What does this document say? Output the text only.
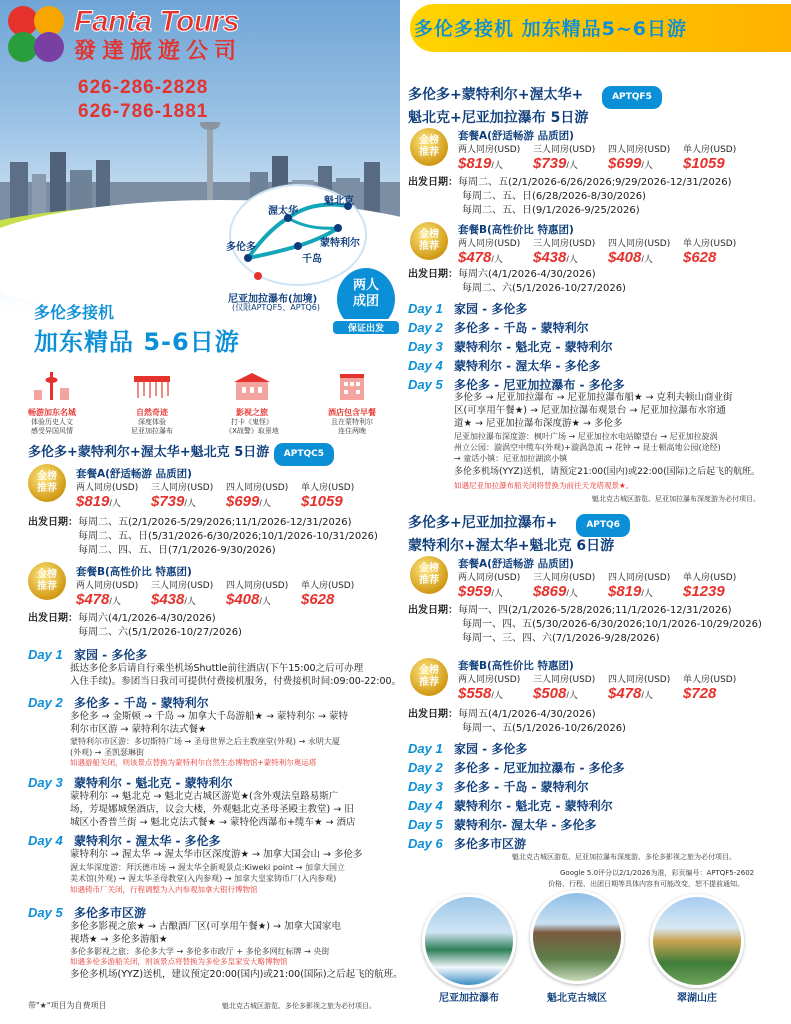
Fanta Tours
發達旅遊公司
626-286-2828
626-786-1881
渥太华
魁北克
多伦多	蒙特利尔
千岛
尼亚加拉瀑布(加境)
(仅限APTQF5、APTQ6)
两人
成团
保证出发
多伦多接机 加东精品5~6日游
多伦多接机
加东精品 5-6日游
畅游加东名城
体验历史人文
感受异国风情
自然奇迹
深度体验
尼亚加拉瀑布
影视之旅
打卡《鬼怪》
《X战警》取景地
酒店包含早餐
且在蒙特利尔
连住两晚
多伦多+蒙特利尔+渥太华+魁北克 5日游 APTQC5
金榜
推荐
套餐A(舒适畅游 品质团)
两人同房(USD)
$819/人
三人同房(USD)
$739/人
四人同房(USD)
$699/人
单人房(USD)
$1059
出发日期：每周二、五(2/1/2026-5/29/2026;11/1/2026-12/31/2026)
每周二、五、日(5/31/2026-6/30/2026;10/1/2026-10/31/2026)
每周二、四、五、日(7/1/2026-9/30/2026)
金榜
推荐
套餐B(高性价比 特惠团)
两人同房(USD)
$478/人
三人同房(USD)
$438/人
四人同房(USD)
$408/人
单人房(USD)
$628
出发日期：每周六(4/1/2026-4/30/2026)
每周二、六(5/1/2026-10/27/2026)
Day 1 家园 - 多伦多
抵达多伦多后请自行乘坐机场Shuttle前往酒店(下午15:00之后可办理
入住手续)。参团当日我司可提供付费接机服务，付费接机时间:09:00-22:00。
Day 2 多伦多 - 千岛 - 蒙特利尔
多伦多 → 金斯顿 → 千岛 → 加拿大千岛游船★ → 蒙特利尔 → 蒙特
利尔市区游 → 蒙特利尔法式餐★
蒙特利尔市区游：多切斯特广场 → 圣母世界之后主教座堂(外观) → 永明大厦
(外观) → 圣凯瑟琳街
如遇游船关闭，则该景点替换为蒙特利尔自然生态博物馆+蒙特利尔奥运塔
Day 3 蒙特利尔 - 魁北克 - 蒙特利尔
蒙特利尔 → 魁北克 → 魁北克古城区游览★(含外观法皇路易斯广
场，芳堤娜城堡酒店，议会大楼，外观魁北克圣母圣殿主教堂) → 旧
城区小香普兰街 → 魁北克法式餐★ → 蒙特伦西瀑布+缆车★ → 酒店
Day 4 蒙特利尔 - 渥太华 - 多伦多
蒙特利尔 → 渥太华 → 渥太华市区深度游★ → 加拿大国会山 → 多伦多
渥太华深度游：拜沃德市场 → 渥太华全新观景点:Kiweki point → 加拿大国立
美术馆(外观) → 渥太华圣母教堂(入内参观) → 加拿大皇家铸币厂(入内参观)
如遇铸币厂关闭，行程调整为入内参观加拿大银行博物馆
Day 5 多伦多市区游
多伦多影视之旅★ → 古酿酒厂区(可享用午餐★) → 加拿大国家电
视塔★ → 多伦多游船★
多伦多影视之旅：多伦多大学 → 多伦多市政厅 + 多伦多网红标牌 → 央街
如遇多伦多游船关闭，则该景点将替换为多伦多皇家安大略博物馆
多伦多机场(YYZ)送机，建议预定20:00(国内)或21:00(国际)之后起飞的航班。
带"★"项目为自费项目	魁北克古城区游览、多伦多影视之旅为必付项目。
多伦多+蒙特利尔+渥太华+	APTQF5
魁北克+尼亚加拉瀑布 5日游
金榜
推荐
套餐A(舒适畅游 品质团)
两人同房(USD)
$819/人
三人同房(USD)
$739/人
四人同房(USD)
$699/人
单人房(USD)
$1059
出发日期：每周二、五(2/1/2026-6/26/2026;9/29/2026-12/31/2026)
每周二、五、日(6/28/2026-8/30/2026)
每周二、五、日(9/1/2026-9/25/2026)
金榜
推荐
套餐B(高性价比 特惠团)
两人同房(USD)
$478/人
三人同房(USD)
$438/人
四人同房(USD)
$408/人
单人房(USD)
$628
出发日期：每周六(4/1/2026-4/30/2026)
每周二、六(5/1/2026-10/27/2026)
Day 1 家园 - 多伦多
Day 2 多伦多 - 千岛 - 蒙特利尔
Day 3 蒙特利尔 - 魁北克 - 蒙特利尔
Day 4 蒙特利尔 - 渥太华 - 多伦多
Day 5 多伦多 - 尼亚加拉瀑布 - 多伦多
多伦多 → 尼亚加拉瀑布 → 尼亚加拉瀑布船★ → 克利夫顿山商业街
区(可享用午餐★) → 尼亚加拉瀑布观景台 → 尼亚加拉瀑布水帘通
道★ → 尼亚加拉瀑布深度游★ → 多伦多
尼亚加拉瀑布深度游：枫叶广场 → 尼亚加拉水电站瞭望台 → 尼亚加拉旋涡
州立公园：漩涡空中缆车(外观)+漩涡急流 → 花钟 → 昆士顿高地公园(途经)
→ 童话小镇：尼亚加拉湖滨小镇
多伦多机场(YYZ)送机，请预定21:00(国内)或22:00(国际)之后起飞的航班。
如遇尼亚加拉瀑布船关闭将替换为前往天龙塔观景★。
魁北克古城区游览、尼亚加拉瀑布深度游为必付项目。
多伦多+尼亚加拉瀑布+	APTQ6
蒙特利尔+渥太华+魁北克 6日游
金榜
推荐
套餐A(舒适畅游 品质团)
两人同房(USD)
$959/人
三人同房(USD)
$869/人
四人同房(USD)
$819/人
单人房(USD)
$1239
出发日期：每周一、四(2/1/2026-5/28/2026;11/1/2026-12/31/2026)
每周一、四、五(5/30/2026-6/30/2026;10/1/2026-10/29/2026)
每周一、三、四、六(7/1/2026-9/28/2026)
金榜
推荐
套餐B(高性价比 特惠团)
两人同房(USD)
$558/人
三人同房(USD)
$508/人
四人同房(USD)
$478/人
单人房(USD)
$728
出发日期：每周五(4/1/2026-4/30/2026)
每周一、五(5/1/2026-10/26/2026)
Day 1 家园 - 多伦多
Day 2 多伦多 - 尼亚加拉瀑布 - 多伦多
Day 3 多伦多 - 千岛 - 蒙特利尔
Day 4 蒙特利尔 - 魁北克 - 蒙特利尔
Day 5 蒙特利尔- 渥太华 - 多伦多
Day 6 多伦多市区游
魁北克古城区游览、尼亚加拉瀑布深度游、多伦多影视之旅为必付项目。
Google 5.0评分以2/1/2026为准，彩页编号：APTQF5-2602
价格、行程、出团日期等具体内容有可能改变，恕不提前通知。
尼亚加拉瀑布	魁北克古城区	翠湖山庄
